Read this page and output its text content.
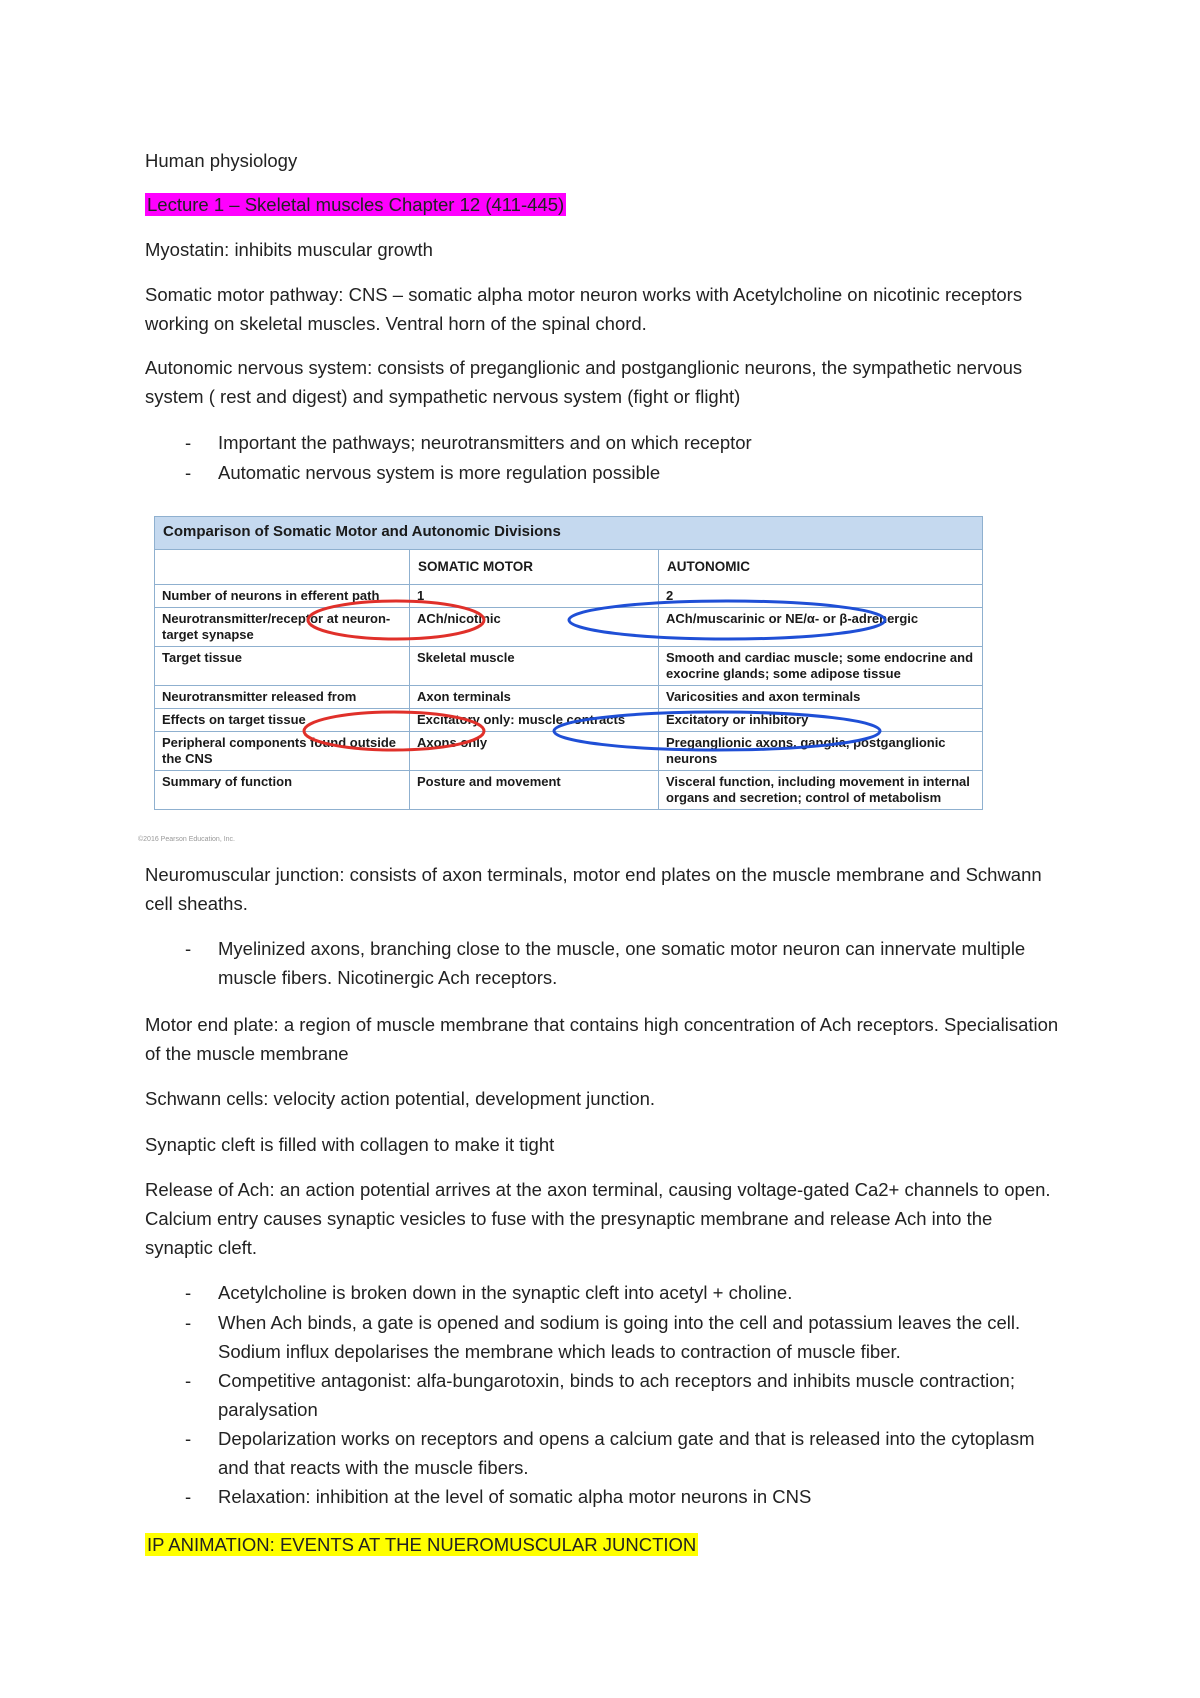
Human physiology

Lecture 1 – Skeletal muscles Chapter 12 (411-445)

Myostatin: inhibits muscular growth

Somatic motor pathway: CNS – somatic alpha motor neuron works with Acetylcholine on nicotinic receptors working on skeletal muscles. Ventral horn of the spinal chord.

Autonomic nervous system: consists of preganglionic and postganglionic neurons, the sympathetic nervous system ( rest and digest) and sympathetic nervous system (fight or flight)

- Important the pathways; neurotransmitters and on which receptor
- Automatic nervous system is more regulation possible
Comparison of Somatic Motor and Autonomic Divisions		
	SOMATIC MOTOR	AUTONOMIC
Number of neurons in efferent path	1	2
Neurotransmitter/receptor at neuron-target synapse	ACh/nicotinic	ACh/muscarinic or NE/α- or β-adrenergic
Target tissue	Skeletal muscle	Smooth and cardiac muscle; some endocrine and exocrine glands; some adipose tissue
Neurotransmitter released from	Axon terminals	Varicosities and axon terminals
Effects on target tissue	Excitatory only: muscle contracts	Excitatory or inhibitory
Peripheral components found outside the CNS	Axons only	Preganglionic axons, ganglia, postganglionic neurons
Summary of function	Posture and movement	Visceral function, including movement in internal organs and secretion; control of metabolism
©2016 Pearson Education, Inc.

Neuromuscular junction: consists of axon terminals, motor end plates on the muscle membrane and Schwann cell sheaths.

- Myelinized axons, branching close to the muscle, one somatic motor neuron can innervate multiple muscle fibers. Nicotinergic Ach receptors.

Motor end plate: a region of muscle membrane that contains high concentration of Ach receptors. Specialisation of the muscle membrane

Schwann cells: velocity action potential, development junction.

Synaptic cleft is filled with collagen to make it tight

Release of Ach: an action potential arrives at the axon terminal, causing voltage-gated Ca2+ channels to open. Calcium entry causes synaptic vesicles to fuse with the presynaptic membrane and release Ach into the synaptic cleft.

- Acetylcholine is broken down in the synaptic cleft into acetyl + choline.
- When Ach binds, a gate is opened and sodium is going into the cell and potassium leaves the cell. Sodium influx depolarises the membrane which leads to contraction of muscle fiber.
- Competitive antagonist: alfa-bungarotoxin, binds to ach receptors and inhibits muscle contraction; paralysation
- Depolarization works on receptors and opens a calcium gate and that is released into the cytoplasm and that reacts with the muscle fibers.
- Relaxation: inhibition at the level of somatic alpha motor neurons in CNS

IP ANIMATION: EVENTS AT THE NUEROMUSCULAR JUNCTION
